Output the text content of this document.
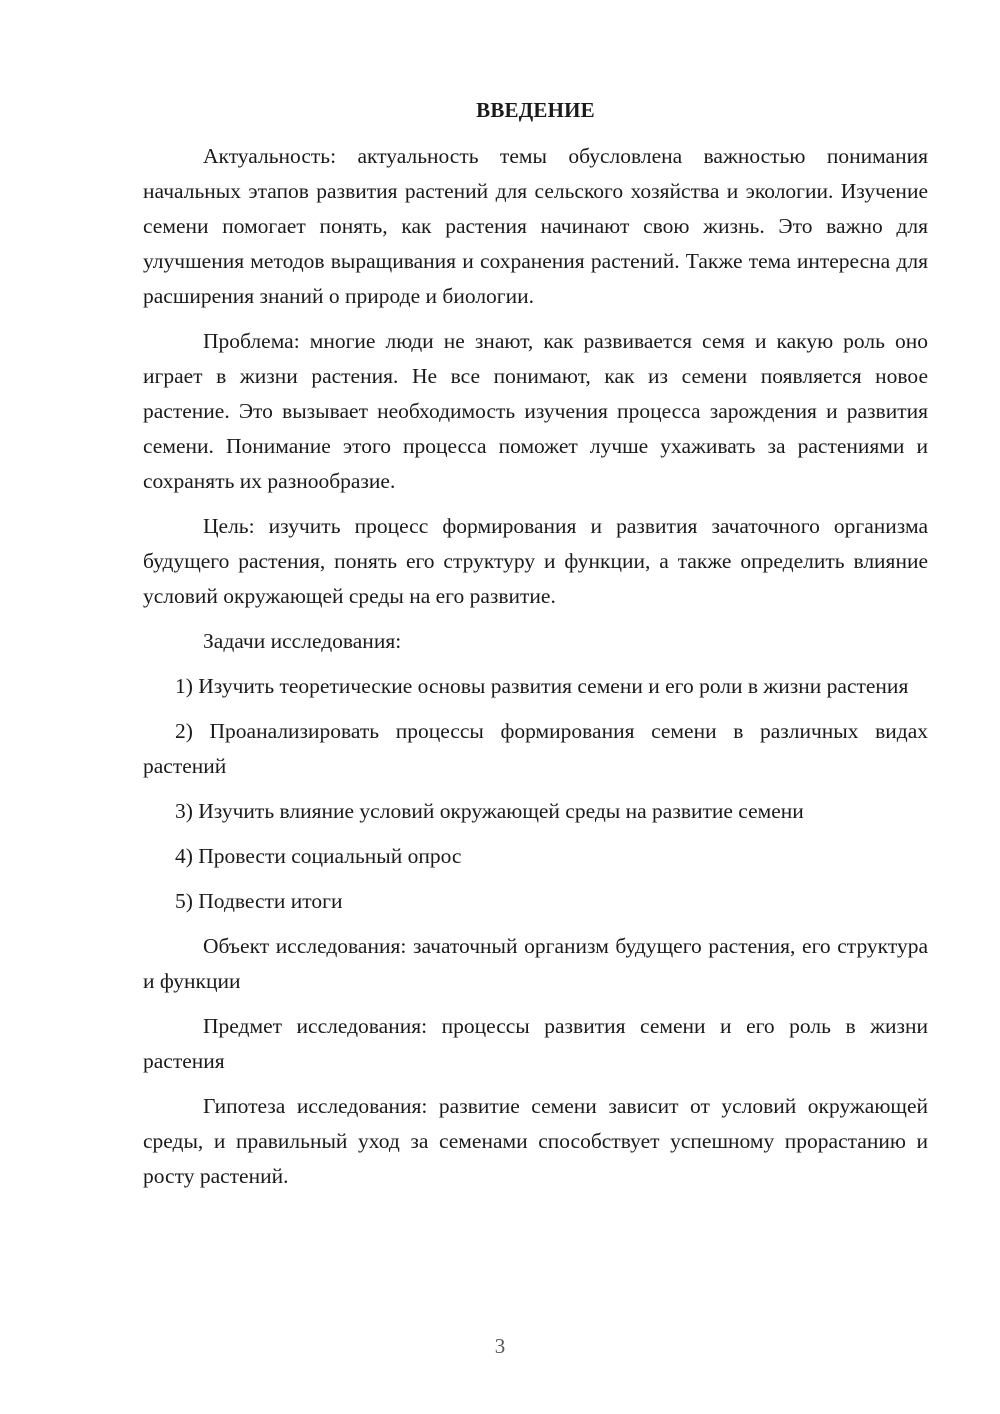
ВВЕДЕНИЕ

Актуальность: актуальность темы обусловлена важностью понимания начальных этапов развития растений для сельского хозяйства и экологии. Изучение семени помогает понять, как растения начинают свою жизнь. Это важно для улучшения методов выращивания и сохранения растений. Также тема интересна для расширения знаний о природе и биологии.

Проблема: многие люди не знают, как развивается семя и какую роль оно играет в жизни растения. Не все понимают, как из семени появляется новое растение. Это вызывает необходимость изучения процесса зарождения и развития семени. Понимание этого процесса поможет лучше ухаживать за растениями и сохранять их разнообразие.

Цель: изучить процесс формирования и развития зачаточного организма будущего растения, понять его структуру и функции, а также определить влияние условий окружающей среды на его развитие.

Задачи исследования:

1) Изучить теоретические основы развития семени и его роли в жизни растения

2) Проанализировать процессы формирования семени в различных видах растений

3) Изучить влияние условий окружающей среды на развитие семени

4) Провести социальный опрос

5) Подвести итоги

Объект исследования: зачаточный организм будущего растения, его структура и функции

Предмет исследования: процессы развития семени и его роль в жизни растения

Гипотеза исследования: развитие семени зависит от условий окружающей среды, и правильный уход за семенами способствует успешному прорастанию и росту растений.

3
